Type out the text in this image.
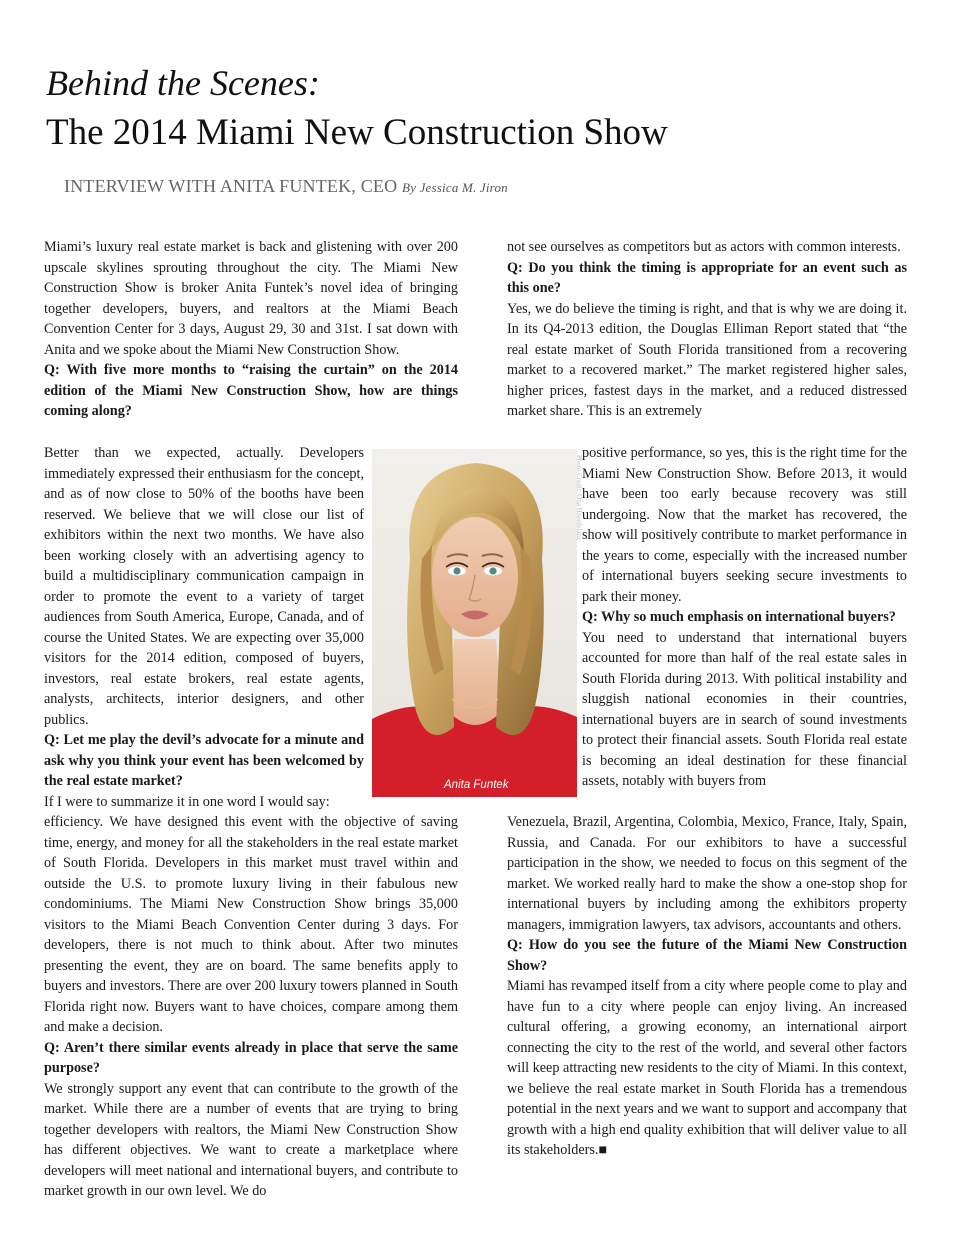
Behind the Scenes:
The 2014 Miami New Construction Show
INTERVIEW WITH ANITA FUNTEK, CEO By Jessica M. Jiron
Photo Credit: Ona Hoenfelanz
Anita Funtek

Miami’s luxury real estate market is back and glistening with over 200 upscale skylines sprouting throughout the city. The Miami New Construction Show is broker Anita Funtek’s novel idea of bringing together developers, buyers, and realtors at the Miami Beach Convention Center for 3 days, August 29, 30 and 31st. I sat down with Anita and we spoke about the Miami New Construction Show.

Q: With five more months to “raising the curtain” on the 2014 edition of the Miami New Construction Show, how are things coming along?

Better than we expected, actually. Developers immediately expressed their enthusiasm for the concept, and as of now close to 50% of the booths have been reserved. We believe that we will close our list of exhibitors within the next two months. We have also been working closely with an advertising agency to build a multidisciplinary communication campaign in order to promote the event to a variety of target audiences from South America, Europe, Canada, and of course the United States. We are expecting over 35,000 visitors for the 2014 edition, composed of buyers, investors, real estate brokers, real estate agents, analysts, architects, interior designers, and other publics.

Q: Let me play the devil’s advocate for a minute and ask why you think your event has been welcomed by the real estate market?

If I were to summarize it in one word I would say:

efficiency. We have designed this event with the objective of saving time, energy, and money for all the stakeholders in the real estate market of South Florida. Developers in this market must travel within and outside the U.S. to promote luxury living in their fabulous new condominiums. The Miami New Construction Show brings 35,000 visitors to the Miami Beach Convention Center during 3 days. For developers, there is not much to think about. After two minutes presenting the event, they are on board. The same benefits apply to buyers and investors. There are over 200 luxury towers planned in South Florida right now. Buyers want to have choices, compare among them and make a decision.

Q: Aren’t there similar events already in place that serve the same purpose?

We strongly support any event that can contribute to the growth of the market. While there are a number of events that are trying to bring together developers with realtors, the Miami New Construction Show has different objectives. We want to create a marketplace where developers will meet national and international buyers, and contribute to market growth in our own level. We do

not see ourselves as competitors but as actors with common interests.

Q: Do you think the timing is appropriate for an event such as this one?

Yes, we do believe the timing is right, and that is why we are doing it. In its Q4-2013 edition, the Douglas Elliman Report stated that “the real estate market of South Florida transitioned from a recovering market to a recovered market.” The market registered higher sales, higher prices, fastest days in the market, and a reduced distressed market share. This is an extremely

positive performance, so yes, this is the right time for the Miami New Construction Show. Before 2013, it would have been too early because recovery was still undergoing. Now that the market has recovered, the show will positively contribute to market performance in the years to come, especially with the increased number of international buyers seeking secure investments to park their money.

Q: Why so much emphasis on international buyers?

You need to understand that international buyers accounted for more than half of the real estate sales in South Florida during 2013. With political instability and sluggish national economies in their countries, international buyers are in search of sound investments to protect their financial assets. South Florida real estate is becoming an ideal destination for these financial assets, notably with buyers from

Venezuela, Brazil, Argentina, Colombia, Mexico, France, Italy, Spain, Russia, and Canada. For our exhibitors to have a successful participation in the show, we needed to focus on this segment of the market. We worked really hard to make the show a one-stop shop for international buyers by including among the exhibitors property managers, immigration lawyers, tax advisors, accountants and others.

Q: How do you see the future of the Miami New Construction Show?

Miami has revamped itself from a city where people come to play and have fun to a city where people can enjoy living. An increased cultural offering, a growing economy, an international airport connecting the city to the rest of the world, and several other factors will keep attracting new residents to the city of Miami. In this context, we believe the real estate market in South Florida has a tremendous potential in the next years and we want to support and accompany that growth with a high end quality exhibition that will deliver value to all its stakeholders.■
